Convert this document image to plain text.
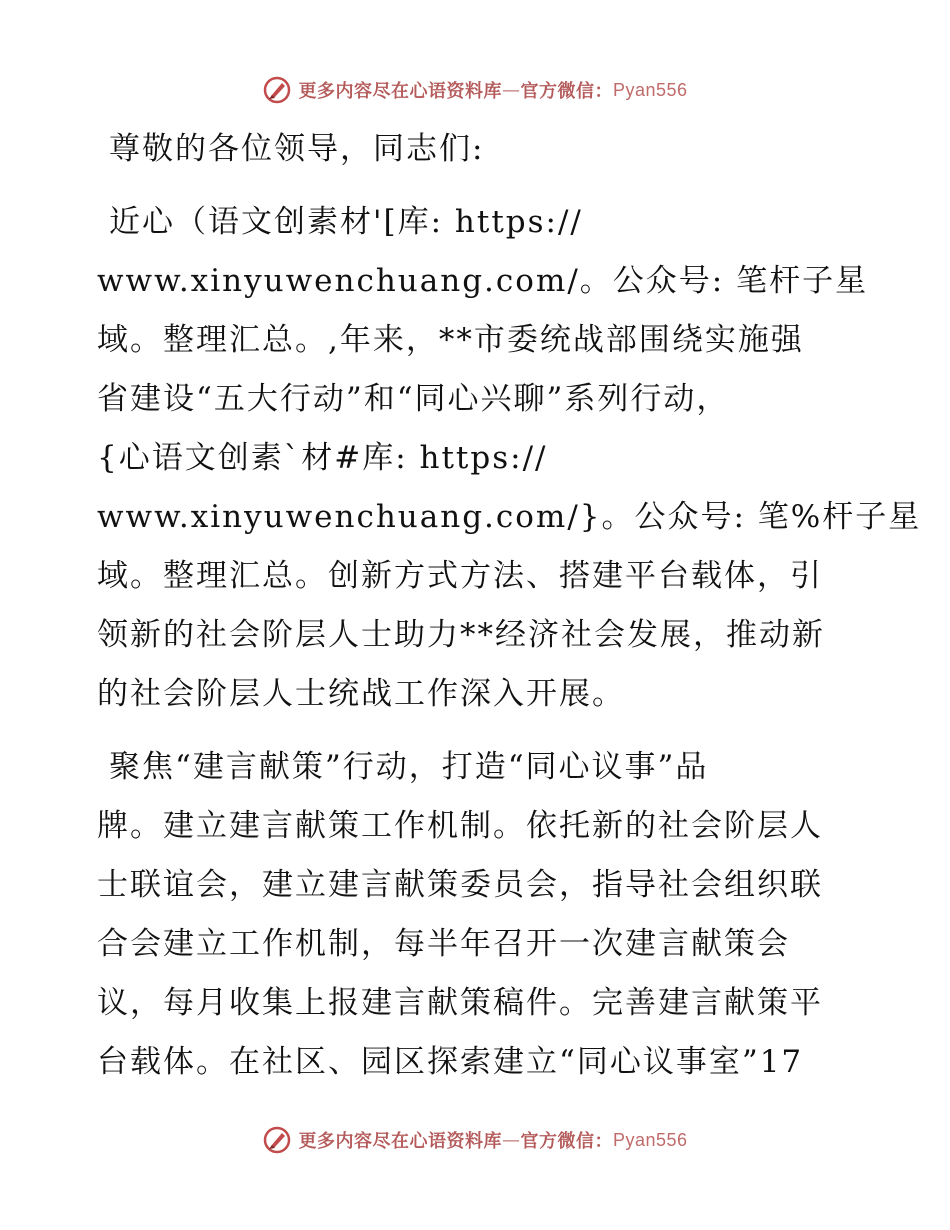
更多内容尽在心语资料库 — 官方微信： Pyan556

尊敬的各位领导，同志们:

近心（语文创素材'[库: https://
www.xinyuwenchuang.com/。公众号: 笔杆子星
域。整理汇总。,年来，**市委统战部围绕实施强
省建设“五大行动”和“同心兴聊”系列行动，
{心语文创素`材#库: https://
www.xinyuwenchuang.com/}。公众号: 笔%杆子星
域。整理汇总。创新方式方法、搭建平台载体，引
领新的社会阶层人士助力**经济社会发展，推动新
的社会阶层人士统战工作深入开展。

聚焦“建言献策”行动，打造“同心议事”品
牌。建立建言献策工作机制。依托新的社会阶层人
士联谊会，建立建言献策委员会，指导社会组织联
合会建立工作机制，每半年召开一次建言献策会
议，每月收集上报建言献策稿件。完善建言献策平
台载体。在社区、园区探索建立“同心议事室”17

更多内容尽在心语资料库 — 官方微信： Pyan556
